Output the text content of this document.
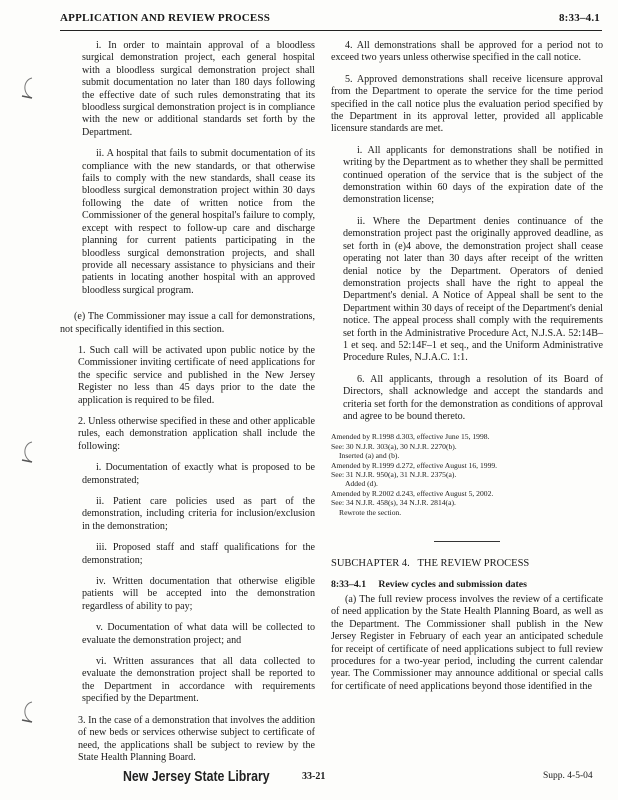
APPLICATION AND REVIEW PROCESS	8:33–4.1

i. In order to maintain approval of a bloodless surgical demonstration project, each general hospital with a bloodless surgical demonstration project shall submit documentation no later than 180 days following the effective date of such rules demonstrating that its bloodless surgical demonstration project is in compliance with the new or additional standards set forth by the Department.

ii. A hospital that fails to submit documentation of its compliance with the new standards, or that otherwise fails to comply with the new standards, shall cease its bloodless surgical demonstration project within 30 days following the date of written notice from the Commissioner of the general hospital's failure to comply, except with respect to follow-up care and discharge planning for current patients participating in the bloodless surgical demonstration projects, and shall provide all necessary assistance to physicians and their patients in locating another hospital with an approved bloodless surgical program.

(e) The Commissioner may issue a call for demonstrations, not specifically identified in this section.

1. Such call will be activated upon public notice by the Commissioner inviting certificate of need applications for the specific service and published in the New Jersey Register no less than 45 days prior to the date the application is required to be filed.

2. Unless otherwise specified in these and other applicable rules, each demonstration application shall include the following:

i. Documentation of exactly what is proposed to be demonstrated;

ii. Patient care policies used as part of the demonstration, including criteria for inclusion/exclusion in the demonstration;

iii. Proposed staff and staff qualifications for the demonstration;

iv. Written documentation that otherwise eligible patients will be accepted into the demonstration regardless of ability to pay;

v. Documentation of what data will be collected to evaluate the demonstration project; and

vi. Written assurances that all data collected to evaluate the demonstration project shall be reported to the Department in accordance with requirements specified by the Department.

3. In the case of a demonstration that involves the addition of new beds or services otherwise subject to certificate of need, the applications shall be subject to review by the State Health Planning Board.

4. All demonstrations shall be approved for a period not to exceed two years unless otherwise specified in the call notice.

5. Approved demonstrations shall receive licensure approval from the Department to operate the service for the time period specified in the call notice plus the evaluation period specified by the Department in its approval letter, provided all applicable licensure standards are met.

i. All applicants for demonstrations shall be notified in writing by the Department as to whether they shall be permitted continued operation of the service that is the subject of the demonstration within 60 days of the expiration date of the demonstration license;

ii. Where the Department denies continuance of the demonstration project past the originally approved deadline, as set forth in (e)4 above, the demonstration project shall cease operating not later than 30 days after receipt of the written denial notice by the Department. Operators of denied demonstration projects shall have the right to appeal the Department's denial. A Notice of Appeal shall be sent to the Department within 30 days of receipt of the Department's denial notice. The appeal process shall comply with the requirements set forth in the Administrative Procedure Act, N.J.S.A. 52:14B–1 et seq. and 52:14F–1 et seq., and the Uniform Administrative Procedure Rules, N.J.A.C. 1:1.

6. All applicants, through a resolution of its Board of Directors, shall acknowledge and accept the standards and criteria set forth for the demonstration as conditions of approval and agree to be bound thereto.

Amended by R.1998 d.303, effective June 15, 1998.
See: 30 N.J.R. 303(a), 30 N.J.R. 2270(b).
Inserted (a) and (b).
Amended by R.1999 d.272, effective August 16, 1999.
See: 31 N.J.R. 950(a), 31 N.J.R. 2375(a).
Added (d).
Amended by R.2002 d.243, effective August 5, 2002.
See: 34 N.J.R. 458(s), 34 N.J.R. 2814(a).
Rewrote the section.
SUBCHAPTER 4.   THE REVIEW PROCESS
8:33–4.1 Review cycles and submission dates

(a) The full review process involves the review of a certificate of need application by the State Health Planning Board, as well as the Department. The Commissioner shall publish in the New Jersey Register in February of each year an anticipated schedule for receipt of certificate of need applications subject to full review procedures for a two-year period, including the current calendar year. The Commissioner may announce additional or special calls for certificate of need applications beyond those identified in the

New Jersey State Library	33-21	Supp. 4-5-04
